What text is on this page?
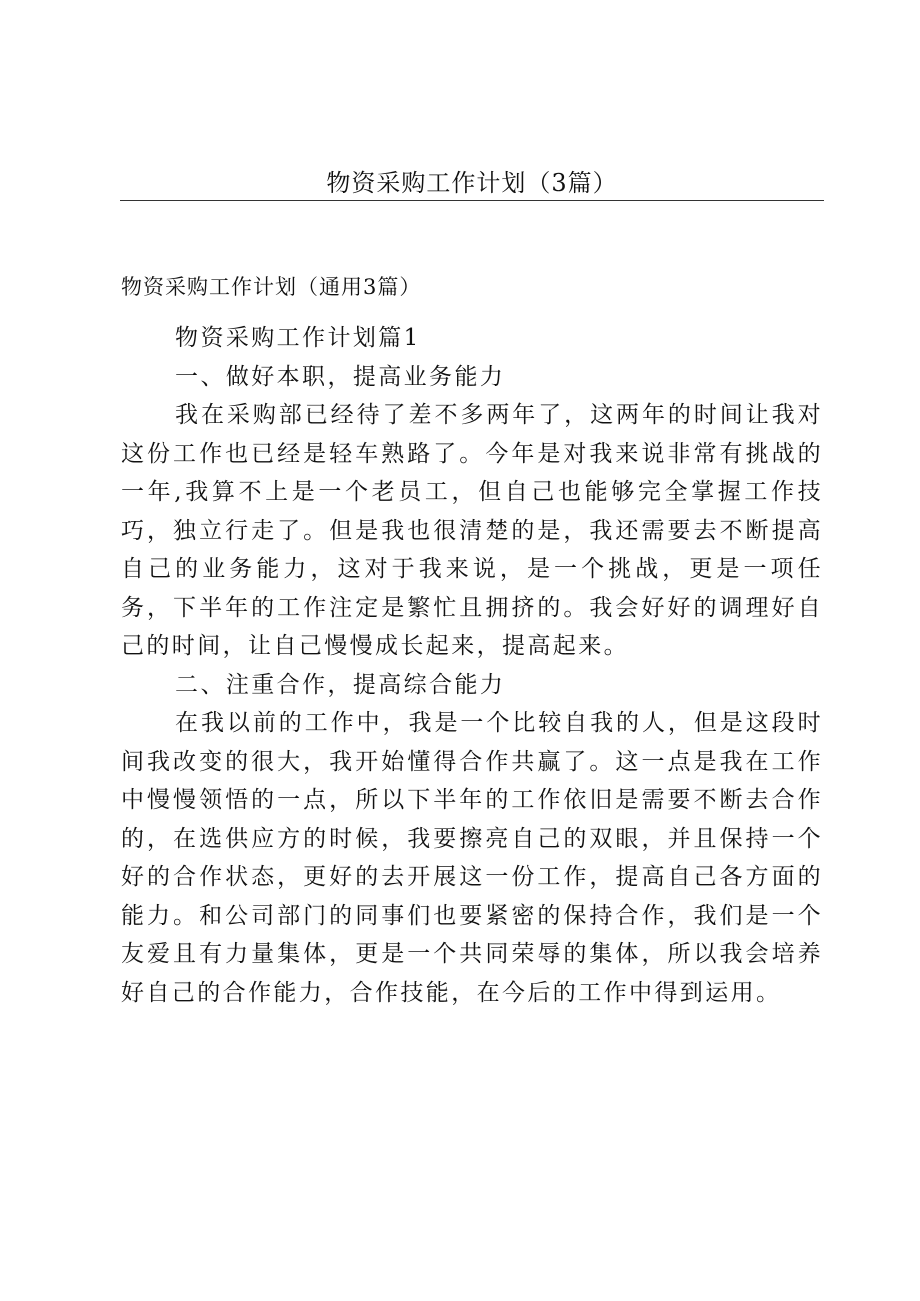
物资采购工作计划（3篇）
物资采购工作计划（通用3篇）

物资采购工作计划篇1

一、做好本职，提高业务能力

我在采购部已经待了差不多两年了，这两年的时间让我对这份工作也已经是轻车熟路了。今年是对我来说非常有挑战的一年,我算不上是一个老员工，但自己也能够完全掌握工作技巧，独立行走了。但是我也很清楚的是，我还需要去不断提高自己的业务能力，这对于我来说，是一个挑战，更是一项任务，下半年的工作注定是繁忙且拥挤的。我会好好的调理好自己的时间，让自己慢慢成长起来，提高起来。

二、注重合作，提高综合能力

在我以前的工作中，我是一个比较自我的人，但是这段时间我改变的很大，我开始懂得合作共赢了。这一点是我在工作中慢慢领悟的一点，所以下半年的工作依旧是需要不断去合作的，在选供应方的时候，我要擦亮自己的双眼，并且保持一个好的合作状态，更好的去开展这一份工作，提高自己各方面的能力。和公司部门的同事们也要紧密的保持合作，我们是一个友爱且有力量集体，更是一个共同荣辱的集体，所以我会培养好自己的合作能力，合作技能，在今后的工作中得到运用。
